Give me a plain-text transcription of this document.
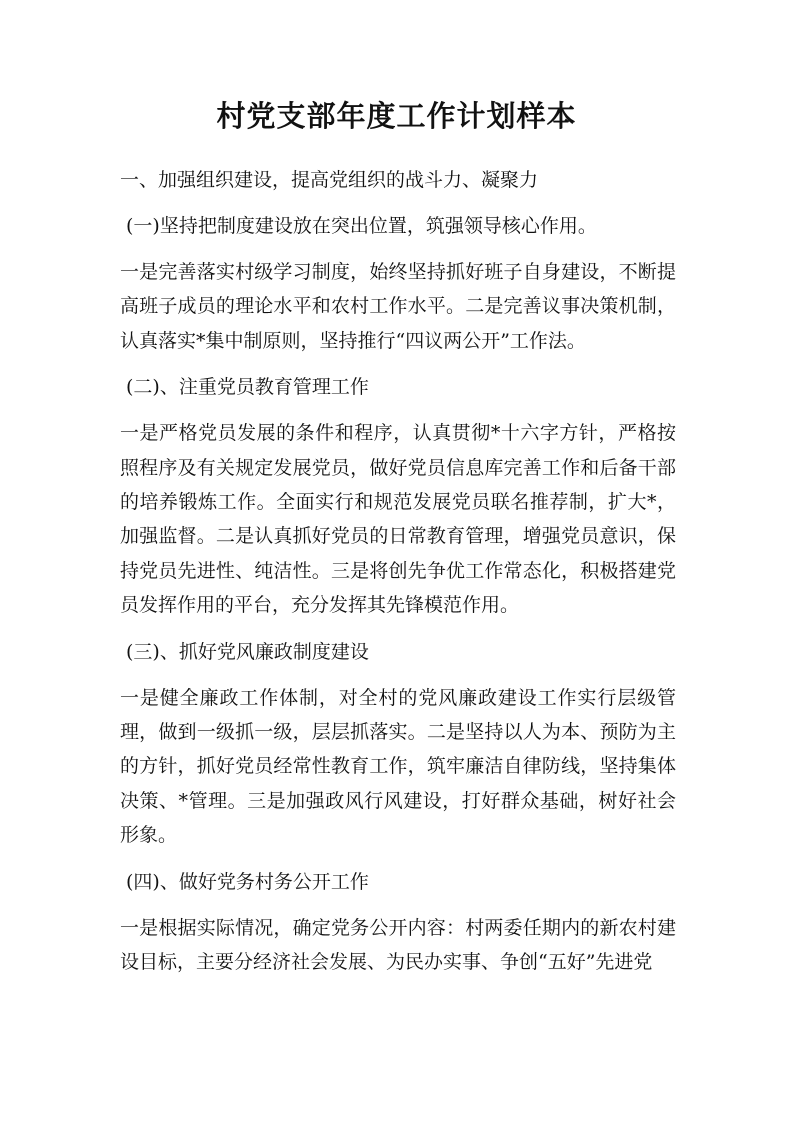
村党支部年度工作计划样本

一、加强组织建设，提高党组织的战斗力、凝聚力

(一)坚持把制度建设放在突出位置，筑强领导核心作用。

一是完善落实村级学习制度，始终坚持抓好班子自身建设，不断提高班子成员的理论水平和农村工作水平。二是完善议事决策机制，认真落实*集中制原则，坚持推行“四议两公开”工作法。

(二)、注重党员教育管理工作

一是严格党员发展的条件和程序，认真贯彻*十六字方针，严格按照程序及有关规定发展党员，做好党员信息库完善工作和后备干部的培养锻炼工作。全面实行和规范发展党员联名推荐制，扩大*，加强监督。二是认真抓好党员的日常教育管理，增强党员意识，保持党员先进性、纯洁性。三是将创先争优工作常态化，积极搭建党员发挥作用的平台，充分发挥其先锋模范作用。

(三)、抓好党风廉政制度建设

一是健全廉政工作体制，对全村的党风廉政建设工作实行层级管理，做到一级抓一级，层层抓落实。二是坚持以人为本、预防为主的方针，抓好党员经常性教育工作，筑牢廉洁自律防线，坚持集体决策、*管理。三是加强政风行风建设，打好群众基础，树好社会形象。

(四)、做好党务村务公开工作

一是根据实际情况，确定党务公开内容：村两委任期内的新农村建设目标，主要分经济社会发展、为民办实事、争创“五好”先进党
